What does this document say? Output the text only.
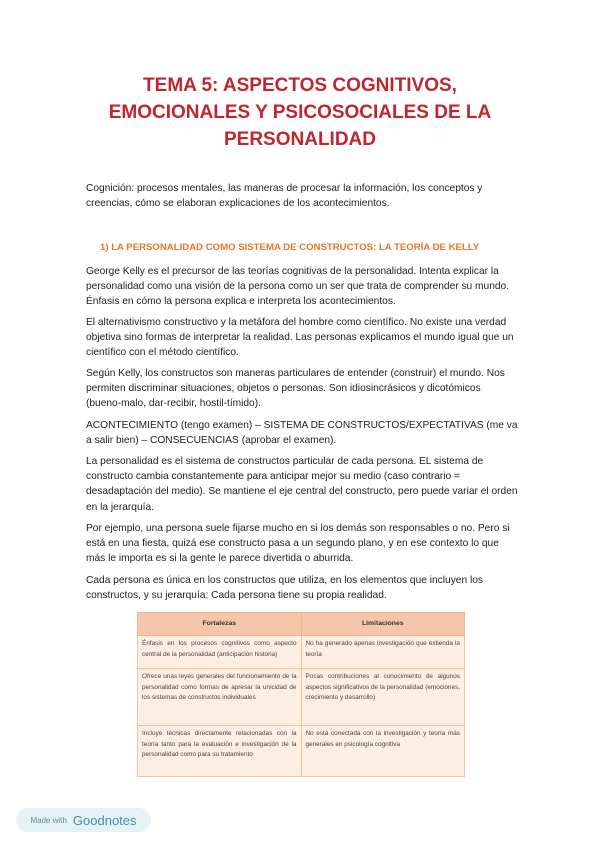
TEMA 5: ASPECTOS COGNITIVOS,
EMOCIONALES Y PSICOSOCIALES DE LA
PERSONALIDAD
Cognición: procesos mentales, las maneras de procesar la información, los conceptos y creencias, cómo se elaboran explicaciones de los acontecimientos.
1) LA PERSONALIDAD COMO SISTEMA DE CONSTRUCTOS: LA TEORÍA DE KELLY
George Kelly es el precursor de las teorías cognitivas de la personalidad. Intenta explicar la personalidad como una visión de la persona como un ser que trata de comprender su mundo. Énfasis en cómo la persona explica e interpreta los acontecimientos.
El alternativismo constructivo y la metáfora del hombre como científico. No existe una verdad objetiva sino formas de interpretar la realidad. Las personas explicamos el mundo igual que un científico con el método científico.
Según Kelly, los constructos son maneras particulares de entender (construir) el mundo. Nos permiten discriminar situaciones, objetos o personas. Son idiosincrásicos y dicotómicos (bueno-malo, dar-recibir, hostil-tímido).
ACONTECIMIENTO (tengo examen) – SISTEMA DE CONSTRUCTOS/EXPECTATIVAS (me va a salir bien) – CONSECUENCIAS (aprobar el examen).
La personalidad es el sistema de constructos particular de cada persona. EL sistema de constructo cambia constantemente para anticipar mejor su medio (caso contrario = desadaptación del medio). Se mantiene el eje central del constructo, pero puede variar el orden en la jerarquía.
Por ejemplo, una persona suele fijarse mucho en si los demás son responsables o no. Pero si está en una fiesta, quizá ese constructo pasa a un segundo plano, y en ese contexto lo que más le importa es si la gente le parece divertida o aburrida.
Cada persona es única en los constructos que utiliza, en los elementos que incluyen los constructos, y su jerarquía: Cada persona tiene su propia realidad.
Fortalezas	Limitaciones
Énfasis en los procesos cognitivos como aspecto central de la personalidad (anticipación historia)	No ha generado apenas investigación que extienda la teoría
Ofrece unas leyes generales del funcionamiento de la personalidad como formas de apresar la unicidad de los sistemas de constructos individuales	Pocas contribuciones al conocimiento de algunos aspectos significativos de la personalidad (emociones, crecimiento y desarrollo)
Incluye técnicas directamente relacionadas con la teoría tanto para la evaluación e investigación de la personalidad como para su tratamiento	No está conectada con la investigación y teoría más generales en psicología cognitiva
Made with Goodnotes
